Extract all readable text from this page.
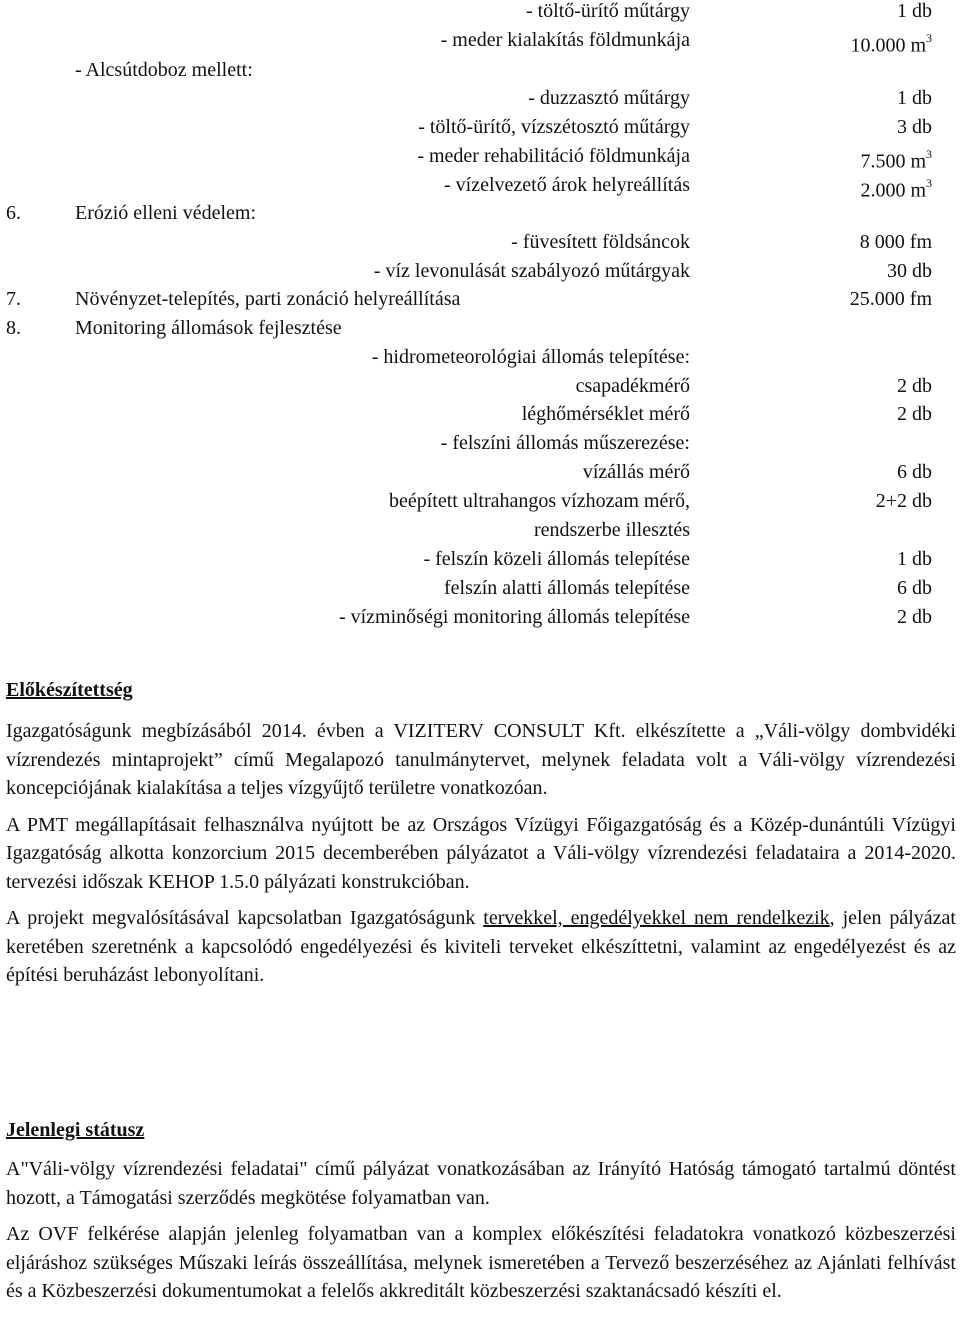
- töltő-ürítő műtárgy	1 db
- meder kialakítás földmunkája	10.000 $m^3$
- Alcsútdoboz mellett:
- duzzasztó műtárgy	1 db
- töltő-ürítő, vízszétosztó műtárgy	3 db
- meder rehabilitáció földmunkája	7.500 $m^3$
- vízelvezető árok helyreállítás	2.000 $m^3$
6.	Erózió elleni védelem:
- füvesített földsáncok	8 000 fm
- víz levonulását szabályozó műtárgyak	30 db
7.	Növényzet-telepítés, parti zonáció helyreállítása	25.000 fm
8.	Monitoring állomások fejlesztése
- hidrometeorológiai állomás telepítése:
csapadékmérő	2 db
léghőmérséklet mérő	2 db
- felszíni állomás műszerezése:
vízállás mérő	6 db
beépített ultrahangos vízhozam mérő,	2+2 db
rendszerbe illesztés
- felszín közeli állomás telepítése	1 db
felszín alatti állomás telepítése	6 db
- vízminőségi monitoring állomás telepítése	2 db
Előkészítettség
Igazgatóságunk megbízásából 2014. évben a VIZITERV CONSULT Kft. elkészítette a „Váli-völgy dombvidéki vízrendezés mintaprojekt” című Megalapozó tanulmánytervet, melynek feladata volt a Váli-völgy vízrendezési koncepciójának kialakítása a teljes vízgyűjtő területre vonatkozóan.
A PMT megállapításait felhasználva nyújtott be az Országos Vízügyi Főigazgatóság és a Közép-dunántúli Vízügyi Igazgatóság alkotta konzorcium 2015 decemberében pályázatot a Váli-völgy vízrendezési feladataira a 2014-2020. tervezési időszak KEHOP 1.5.0 pályázati konstrukcióban.
A projekt megvalósításával kapcsolatban Igazgatóságunk tervekkel, engedélyekkel nem rendelkezik, jelen pályázat keretében szeretnénk a kapcsolódó engedélyezési és kiviteli terveket elkészíttetni, valamint az engedélyezést és az építési beruházást lebonyolítani.
Jelenlegi státusz
A"Váli-völgy vízrendezési feladatai" című pályázat vonatkozásában az Irányító Hatóság támogató tartalmú döntést hozott, a Támogatási szerződés megkötése folyamatban van.
Az OVF felkérése alapján jelenleg folyamatban van a komplex előkészítési feladatokra vonatkozó közbeszerzési eljáráshoz szükséges Műszaki leírás összeállítása, melynek ismeretében a Tervező beszerzéséhez az Ajánlati felhívást és a Közbeszerzési dokumentumokat a felelős akkreditált közbeszerzési szaktanácsadó készíti el.
